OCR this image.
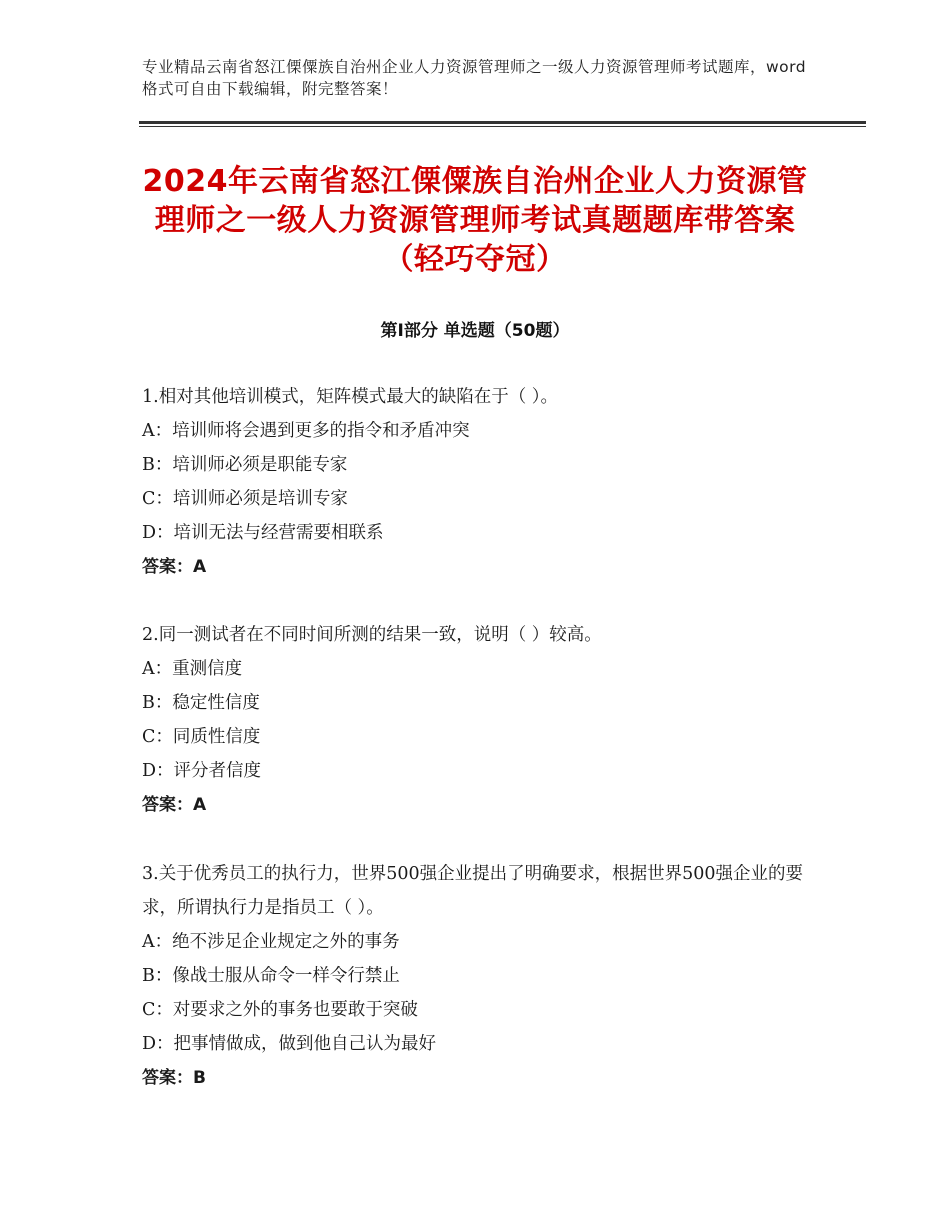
专业精品云南省怒江傈僳族自治州企业人力资源管理师之一级人力资源管理师考试题库，word格式可自由下载编辑，附完整答案！
2024年云南省怒江傈僳族自治州企业人力资源管理师之一级人力资源管理师考试真题题库带答案（轻巧夺冠）
第Ⅰ部分 单选题（50题）

1.相对其他培训模式，矩阵模式最大的缺陷在于（ ）。

A：培训师将会遇到更多的指令和矛盾冲突

B：培训师必须是职能专家

C：培训师必须是培训专家

D：培训无法与经营需要相联系

答案：A

2.同一测试者在不同时间所测的结果一致，说明（ ）较高。

A：重测信度

B：稳定性信度

C：同质性信度

D：评分者信度

答案：A

3.关于优秀员工的执行力，世界500强企业提出了明确要求，根据世界500强企业的要 求，所谓执行力是指员工（ ）。

A：绝不涉足企业规定之外的事务

B：像战士服从命令一样令行禁止

C：对要求之外的事务也要敢于突破

D：把事情做成，做到他自己认为最好

答案：B
